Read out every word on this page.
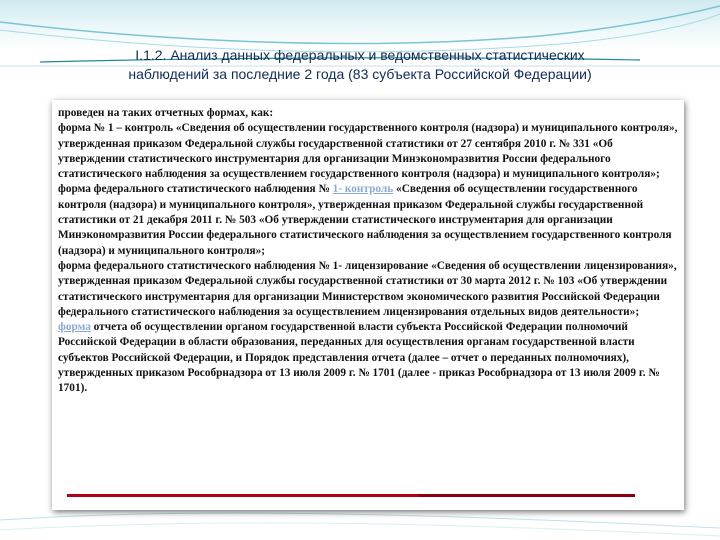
I.1.2. Анализ данных федеральных и ведомственных статистических
наблюдений за последние 2 года (83 субъекта Российской Федерации)

проведен на таких отчетных формах, как:

форма № 1 – контроль «Сведения об осуществлении государственного контроля (надзора) и муниципального контроля», утвержденная приказом Федеральной службы государственной статистики от 27 сентября 2010 г. № 331 «Об утверждении статистического инструментария для организации Минэкономразвития России федерального статистического наблюдения за осуществлением государственного контроля (надзора) и муниципального контроля»;

форма федерального статистического наблюдения № 1- контроль «Сведения об осуществлении государственного контроля (надзора) и муниципального контроля», утвержденная приказом Федеральной службы государственной статистики от 21 декабря 2011 г. № 503 «Об утверждении статистического инструментария для организации Минэкономразвития России федерального статистического наблюдения за осуществлением государственного контроля (надзора) и муниципального контроля»;

форма федерального статистического наблюдения № 1- лицензирование «Сведения об осуществлении лицензирования», утвержденная приказом Федеральной службы государственной статистики от 30 марта 2012 г. № 103 «Об утверждении статистического инструментария для организации Министерством экономического развития Российской Федерации федерального статистического наблюдения за осуществлением лицензирования отдельных видов деятельности»;

форма отчета об осуществлении органом государственной власти субъекта Российской Федерации полномочий Российской Федерации в области образования, переданных для осуществления органам государственной власти субъектов Российской Федерации, и Порядок представления отчета (далее – отчет о переданных полномочиях), утвержденных приказом Рособрнадзора от 13 июля 2009 г. № 1701 (далее - приказ Рособрнадзора от 13 июля 2009 г. № 1701).
